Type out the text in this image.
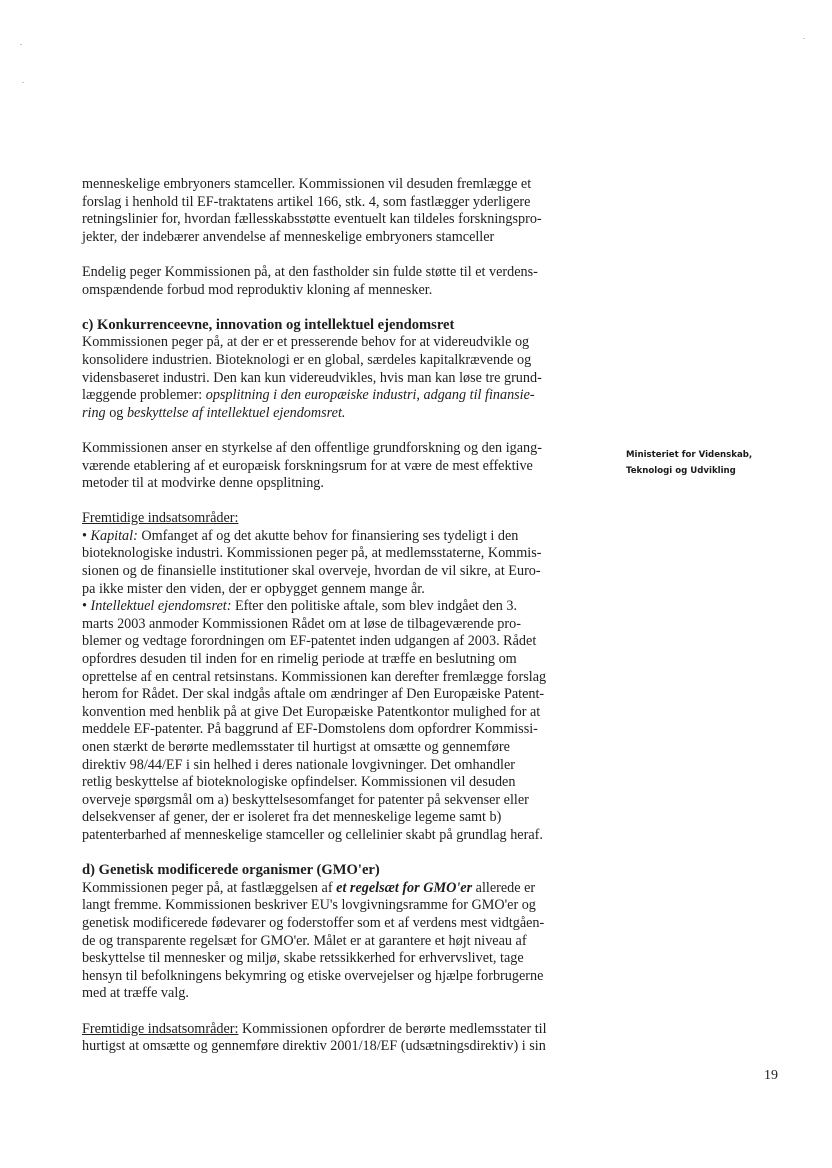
menneskelige embryoners stamceller. Kommissionen vil desuden fremlægge et
forslag i henhold til EF-traktatens artikel 166, stk. 4, som fastlægger yderligere
retningslinier for, hvordan fællesskabsstøtte eventuelt kan tildeles forskningspro-
jekter, der indebærer anvendelse af menneskelige embryoners stamceller

Endelig peger Kommissionen på, at den fastholder sin fulde støtte til et verdens-
omspændende forbud mod reproduktiv kloning af mennesker.

c) Konkurrenceevne, innovation og intellektuel ejendomsret
Kommissionen peger på, at der er et presserende behov for at videreudvikle og
konsolidere industrien. Bioteknologi er en global, særdeles kapitalkrævende og
vidensbaseret industri. Den kan kun videreudvikles, hvis man kan løse tre grund-
læggende problemer: opsplitning i den europæiske industri, adgang til finansie-
ring og beskyttelse af intellektuel ejendomsret.

Kommissionen anser en styrkelse af den offentlige grundforskning og den igang-
værende etablering af et europæisk forskningsrum for at være de mest effektive
metoder til at modvirke denne opsplitning.

Fremtidige indsatsområder:
• Kapital: Omfanget af og det akutte behov for finansiering ses tydeligt i den
bioteknologiske industri. Kommissionen peger på, at medlemsstaterne, Kommis-
sionen og de finansielle institutioner skal overveje, hvordan de vil sikre, at Euro-
pa ikke mister den viden, der er opbygget gennem mange år.
• Intellektuel ejendomsret: Efter den politiske aftale, som blev indgået den 3.
marts 2003 anmoder Kommissionen Rådet om at løse de tilbageværende pro-
blemer og vedtage forordningen om EF-patentet inden udgangen af 2003. Rådet
opfordres desuden til inden for en rimelig periode at træffe en beslutning om
oprettelse af en central retsinstans. Kommissionen kan derefter fremlægge forslag
herom for Rådet. Der skal indgås aftale om ændringer af Den Europæiske Patent-
konvention med henblik på at give Det Europæiske Patentkontor mulighed for at
meddele EF-patenter. På baggrund af EF-Domstolens dom opfordrer Kommissi-
onen stærkt de berørte medlemsstater til hurtigst at omsætte og gennemføre
direktiv 98/44/EF i sin helhed i deres nationale lovgivninger. Det omhandler
retlig beskyttelse af bioteknologiske opfindelser. Kommissionen vil desuden
overveje spørgsmål om a) beskyttelsesomfanget for patenter på sekvenser eller
delsekvenser af gener, der er isoleret fra det menneskelige legeme samt b)
patenterbarhed af menneskelige stamceller og cellelinier skabt på grundlag heraf.

d) Genetisk modificerede organismer (GMO'er)
Kommissionen peger på, at fastlæggelsen af et regelsæt for GMO'er allerede er
langt fremme. Kommissionen beskriver EU's lovgivningsramme for GMO'er og
genetisk modificerede fødevarer og foderstoffer som et af verdens mest vidtgåen-
de og transparente regelsæt for GMO'er. Målet er at garantere et højt niveau af
beskyttelse til mennesker og miljø, skabe retssikkerhed for erhvervslivet, tage
hensyn til befolkningens bekymring og etiske overvejelser og hjælpe forbrugerne
med at træffe valg.

Fremtidige indsatsområder: Kommissionen opfordrer de berørte medlemsstater til
hurtigst at omsætte og gennemføre direktiv 2001/18/EF (udsætningsdirektiv) i sin

Ministeriet for Videnskab,
Teknologi og Udvikling
19
